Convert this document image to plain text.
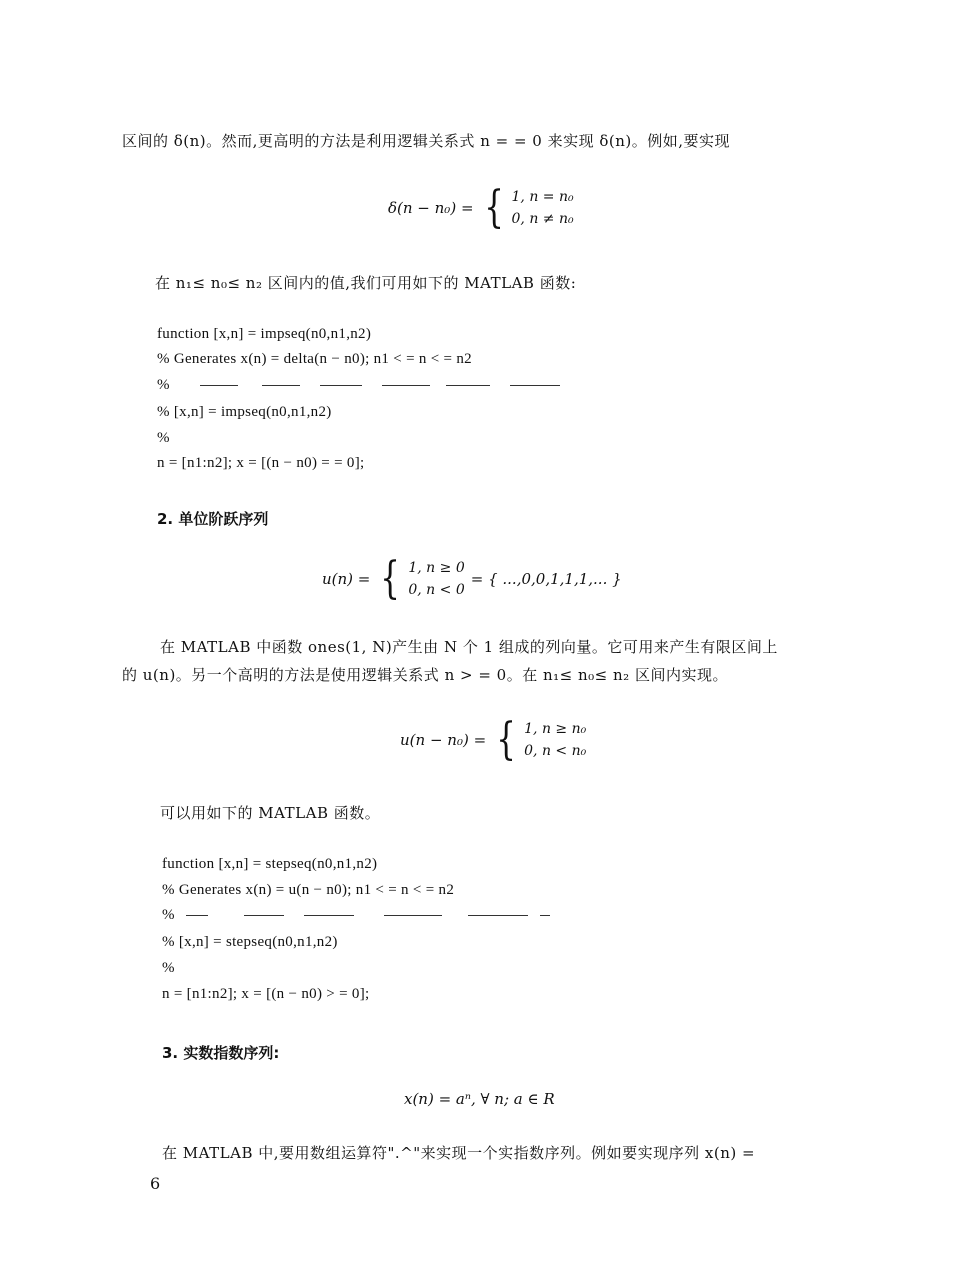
区间的 δ(n)。然而,更高明的方法是利用逻辑关系式 n = = 0 来实现 δ(n)。例如,要实现
δ(n − n₀) = { 1, n = n₀
0, n ≠ n₀
在 n₁≤ n₀≤ n₂ 区间内的值,我们可用如下的 MATLAB 函数:
function [x,n] = impseq(n0,n1,n2)
% Generates x(n) = delta(n − n0); n1 < = n < = n2
%
% [x,n] = impseq(n0,n1,n2)
%
n = [n1:n2]; x = [(n − n0) = = 0];
2. 单位阶跃序列
u(n) = { 1, n ≥ 0
0, n < 0
= { ...,0,0,1,1,1,... }
在 MATLAB 中函数 ones(1, N)产生由 N 个 1 组成的列向量。它可用来产生有限区间上
的 u(n)。另一个高明的方法是使用逻辑关系式 n > = 0。在 n₁≤ n₀≤ n₂ 区间内实现。
u(n − n₀) = { 1, n ≥ n₀
0, n < n₀
可以用如下的 MATLAB 函数。
function [x,n] = stepseq(n0,n1,n2)
% Generates x(n) = u(n − n0); n1 < = n < = n2
%
% [x,n] = stepseq(n0,n1,n2)
%
n = [n1:n2]; x = [(n − n0) > = 0];
3. 实数指数序列:
x(n) = aⁿ, ∀ n; a ∈ R
在 MATLAB 中,要用数组运算符".^"来实现一个实指数序列。例如要实现序列 x(n) =
6
